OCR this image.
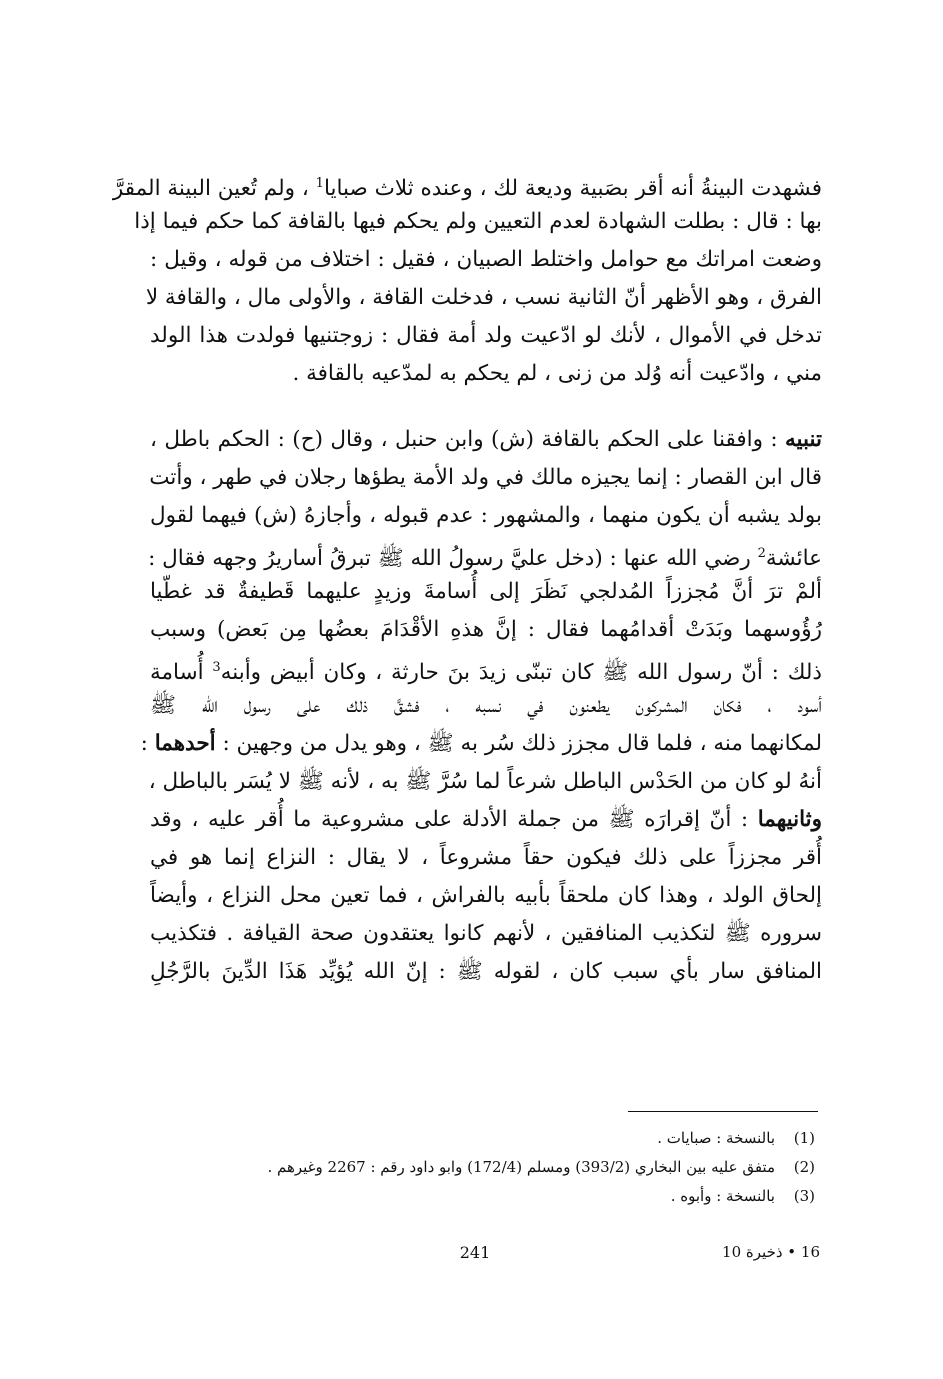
فشهدت البينةُ أنه أقر بصَبية وديعة لك ، وعنده ثلاث صبايا$^1$ ، ولم تُعين البينة المقرَّ
بها : قال : بطلت الشهادة لعدم التعيين ولم يحكم فيها بالقافة كما حكم فيما إذا
وضعت امراتك مع حوامل واختلط الصبيان ، فقيل : اختلاف من قوله ، وقيل :
الفرق ، وهو الأظهر أنّ الثانية نسب ، فدخلت القافة ، والأولى مال ، والقافة لا
تدخل في الأموال ، لأنك لو ادّعيت ولد أمة فقال : زوجتنيها فولدت هذا الولد
مني ، وادّعيت أنه وُلد من زنى ، لم يحكم به لمدّعيه بالقافة .
تنبيه : وافقنا على الحكم بالقافة (ش) وابن حنبل ، وقال (ح) : الحكم باطل ،
قال ابن القصار : إنما يجيزه مالك في ولد الأمة يطؤها رجلان في طهر ، وأتت
بولد يشبه أن يكون منهما ، والمشهور : عدم قبوله ، وأجازهُ (ش) فيهما لقول
عائشة$^2$ رضي الله عنها : (دخل عليَّ رسولُ الله ﷺ تبرقُ أساريرُ وجهه فقال :
ألمْ ترَ أنَّ مُجززاً المُدلجي نَظَرَ إلى أُسامةَ وزيدٍ عليهما قَطيفةٌ قد غطّيا
رُؤُوسهما وبَدَتْ أقدامُهما فقال : إنَّ هذهِ الأقْدَامَ بعضُها مِن بَعض) وسبب
ذلك : أنّ رسول الله ﷺ كان تبنّى زيدَ بنَ حارثة ، وكان أبيض وأبنه$^3$ أُسامة
أسود ، فكان المشركون يطعنون في نسبه ، فشقَّ ذلك على رسول الله ﷺ
لمكانهما منه ، فلما قال مجزز ذلك سُر به ﷺ ، وهو يدل من وجهين : أحدهما :
أنهُ لو كان من الحَدْس الباطل شرعاً لما سُرَّ ﷺ به ، لأنه ﷺ لا يُسَر بالباطل ،
وثانيهما : أنّ إقرارَه ﷺ من جملة الأدلة على مشروعية ما أُقر عليه ، وقد
أُقر مجززاً على ذلك فيكون حقاً مشروعاً ، لا يقال : النزاع إنما هو في
إلحاق الولد ، وهذا كان ملحقاً بأبيه بالفراش ، فما تعين محل النزاع ، وأيضاً
سروره ﷺ لتكذيب المنافقين ، لأنهم كانوا يعتقدون صحة القيافة . فتكذيب
المنافق سار بأي سبب كان ، لقوله ﷺ : إنّ الله يُؤيِّد هَذَا الدِّينَ بالرَّجُلِ
(1)
بالنسخة : صبايات .
(2)
متفق عليه بين البخاري (393/2) ومسلم (172/4) وابو داود رقم : 2267 وغيرهم .
(3)
بالنسخة : وأبوه .
241	16 • ذخيرة 10
